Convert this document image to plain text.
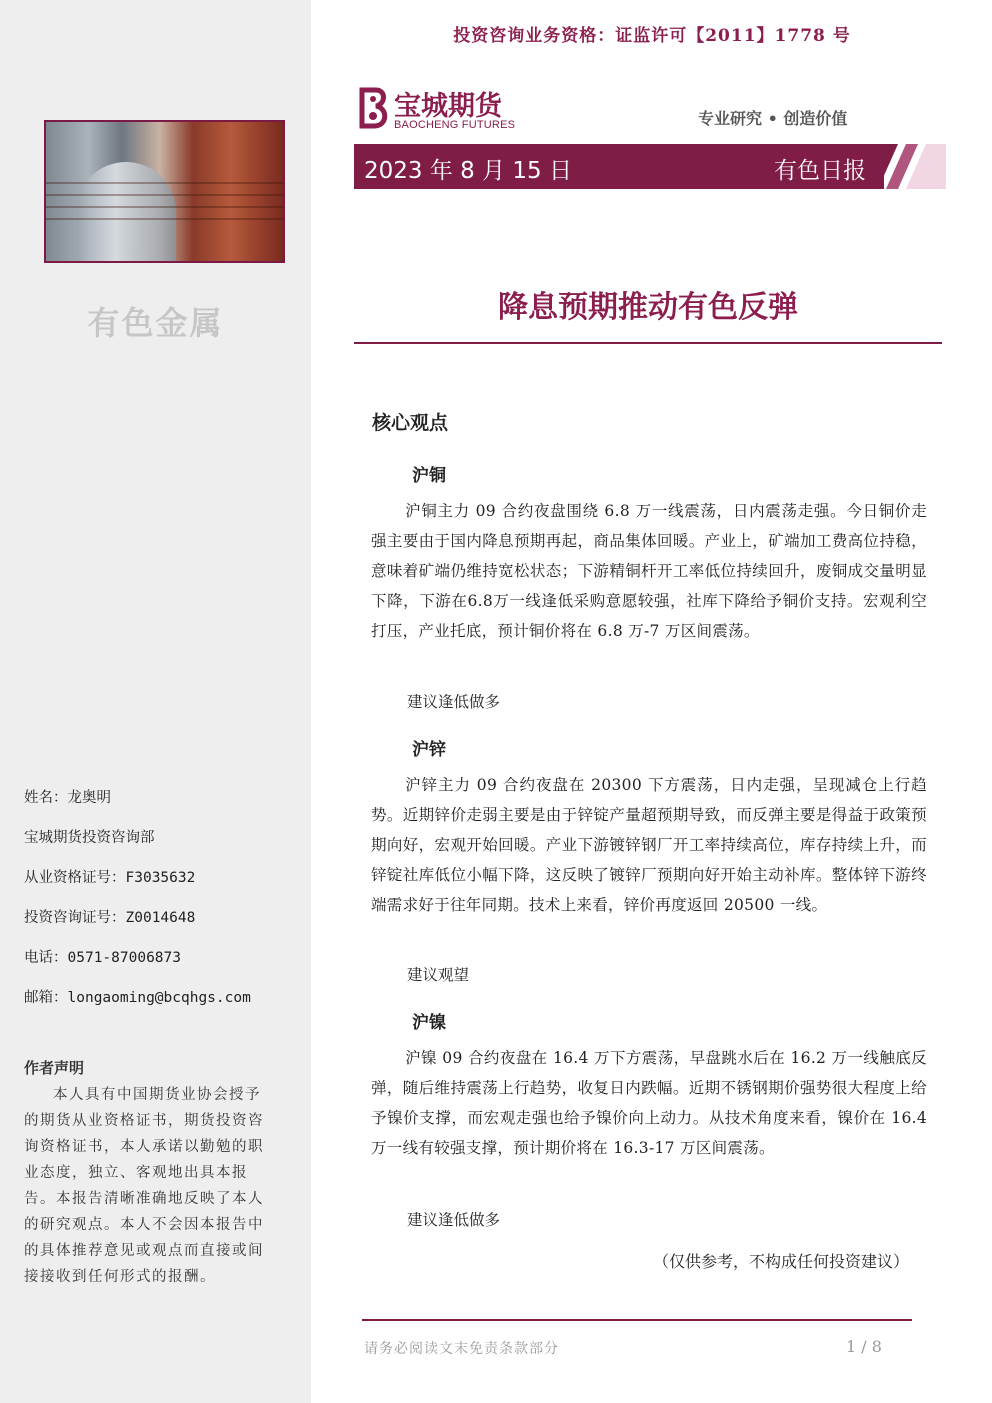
有色金属
姓名：龙奥明
宝城期货投资咨询部
从业资格证号：F3035632
投资咨询证号：Z0014648
电话：0571-87006873
邮箱：longaoming@bcqhgs.com
作者声明
本人具有中国期货业协会授予的期货从业资格证书，期货投资咨询资格证书，本人承诺以勤勉的职业态度，独立、客观地出具本报告。本报告清晰准确地反映了本人的研究观点。本人不会因本报告中的具体推荐意见或观点而直接或间接接收到任何形式的报酬。
投资咨询业务资格：证监许可【2011】1778 号
宝城期货
BAOCHENG FUTURES	专业研究 • 创造价值
2023 年 8 月 15 日	有色日报
降息预期推动有色反弹
核心观点
沪铜
沪铜主力 09 合约夜盘围绕 6.8 万一线震荡，日内震荡走强。今日铜价走强主要由于国内降息预期再起，商品集体回暖。产业上，矿端加工费高位持稳，意味着矿端仍维持宽松状态；下游精铜杆开工率低位持续回升，废铜成交量明显下降，下游在6.8万一线逢低采购意愿较强，社库下降给予铜价支持。宏观利空打压，产业托底，预计铜价将在 6.8 万-7 万区间震荡。
建议逢低做多
沪锌
沪锌主力 09 合约夜盘在 20300 下方震荡，日内走强，呈现减仓上行趋势。近期锌价走弱主要是由于锌锭产量超预期导致，而反弹主要是得益于政策预期向好，宏观开始回暖。产业下游镀锌钢厂开工率持续高位，库存持续上升，而锌锭社库低位小幅下降，这反映了镀锌厂预期向好开始主动补库。整体锌下游终端需求好于往年同期。技术上来看，锌价再度返回 20500 一线。
建议观望
沪镍
沪镍 09 合约夜盘在 16.4 万下方震荡，早盘跳水后在 16.2 万一线触底反弹，随后维持震荡上行趋势，收复日内跌幅。近期不锈钢期价强势很大程度上给予镍价支撑，而宏观走强也给予镍价向上动力。从技术角度来看，镍价在 16.4 万一线有较强支撑，预计期价将在 16.3-17 万区间震荡。
建议逢低做多
（仅供参考，不构成任何投资建议）
请务必阅读文末免责条款部分	1 / 8
